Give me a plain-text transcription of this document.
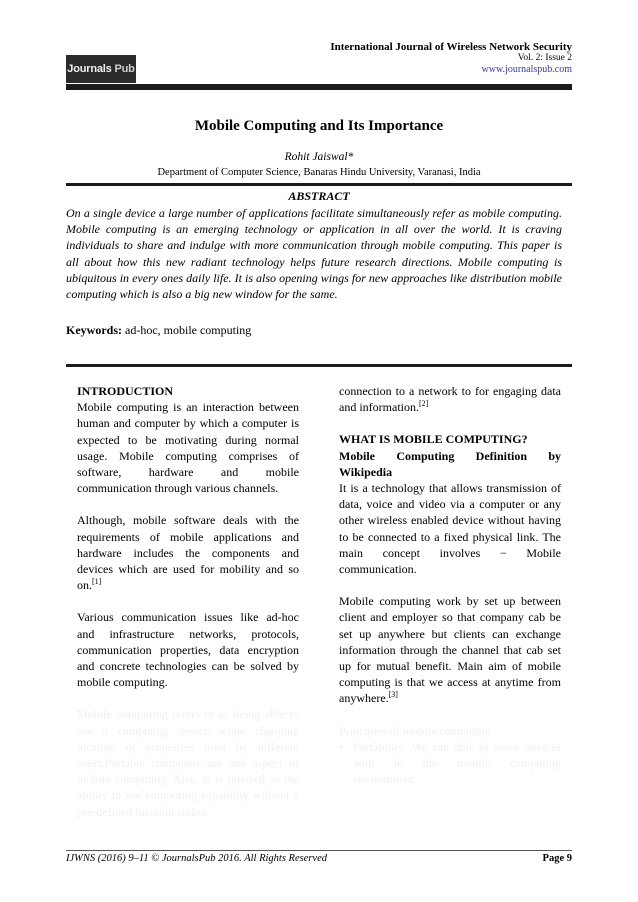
Journals Pub
International Journal of Wireless Network Security
Vol. 2: Issue 2
www.journalspub.com
Mobile Computing and Its Importance
Rohit Jaiswal*
Department of Computer Science, Banaras Hindu University, Varanasi, India
ABSTRACT
On a single device a large number of applications facilitate simultaneously refer as mobile computing. Mobile computing is an emerging technology or application in all over the world. It is craving individuals to share and indulge with more communication through mobile computing. This paper is all about how this new radiant technology helps future research directions. Mobile computing is ubiquitous in every ones daily life. It is also opening wings for new approaches like distribution mobile computing which is also a big new window for the same.
Keywords: ad-hoc, mobile computing

INTRODUCTION

Mobile computing is an interaction between human and computer by which a computer is expected to be motivating during normal usage. Mobile computing comprises of software, hardware and mobile communication through various channels.

Although, mobile software deals with the requirements of mobile applications and hardware includes the components and devices which are used for mobility and so on.[1]

Various communication issues like ad-hoc and infrastructure networks, protocols, communication properties, data encryption and concrete technologies can be solved by mobile computing.

Mobile computing refers to as being able to use a computing device while changing location of properties used by different users.Portable computers are one aspect of mobile computing. Also, it is referred as the ability to use computing capability without a pre-defined location and/or

connection to a network to for engaging data and information.[2]

WHAT IS MOBILE COMPUTING?

Mobile Computing Definition by Wikipedia

It is a technology that allows transmission of data, voice and video via a computer or any other wireless enabled device without having to be connected to a fixed physical link. The main concept involves − Mobile communication.

Mobile computing work by set up between client and employer so that company cab be set up anywhere but clients can exchange information through the channel that cab set up for mutual benefit. Main aim of mobile computing is that we access at anytime from anywhere.[3]

Principles of mobile computing

• Portability: We can able to move devices with in the mobile computing environment.
IJWNS (2016) 9–11 © JournalsPub 2016. All Rights Reserved	Page 9
